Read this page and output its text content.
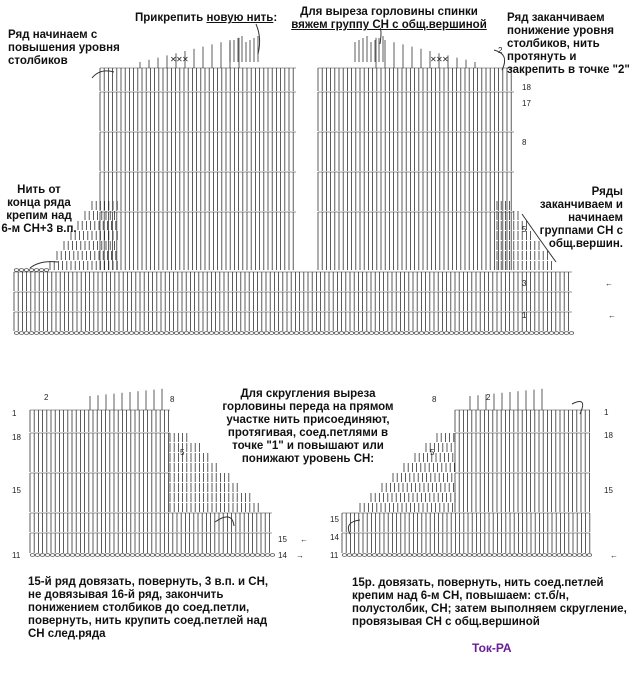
✕	✕
✕	✕
✕	✕
2
18
17
8
5
3
1
←
←
2
1
18
15
11
8
5
15
14
←
→
2
8
5
1
18
15
15
14
11	←
Ряд начинаем с повышения уровня столбиков
Прикрепить новую нить:	Для выреза горловины спинки
вяжем группу СН с общ.вершиной
Ряд заканчиваем понижение уровня столбиков, нить протянуть и закрепить в точке "2"
Нить от конца ряда крепим над 6-м СН+3 в.п.
Ряды заканчиваем и начинаем группами СН с общ.вершин.
Для скругления выреза горловины переда на прямом участке нить присоединяют, протягивая, соед.петлями в точке "1" и повышают или понижают уровень СН:
15-й ряд довязать, повернуть, 3 в.п. и СН, не довязывая 16-й ряд, закончить понижением столбиков до соед.петли, повернуть, нить крупить соед.петлей над СН след.ряда
15р. довязать, повернуть, нить соед.петлей крепим над 6-м СН, повышаем: ст.б/н, полустолбик, СН; затем выполняем скругление, провязывая СН с общ.вершиной
Ток-РА
